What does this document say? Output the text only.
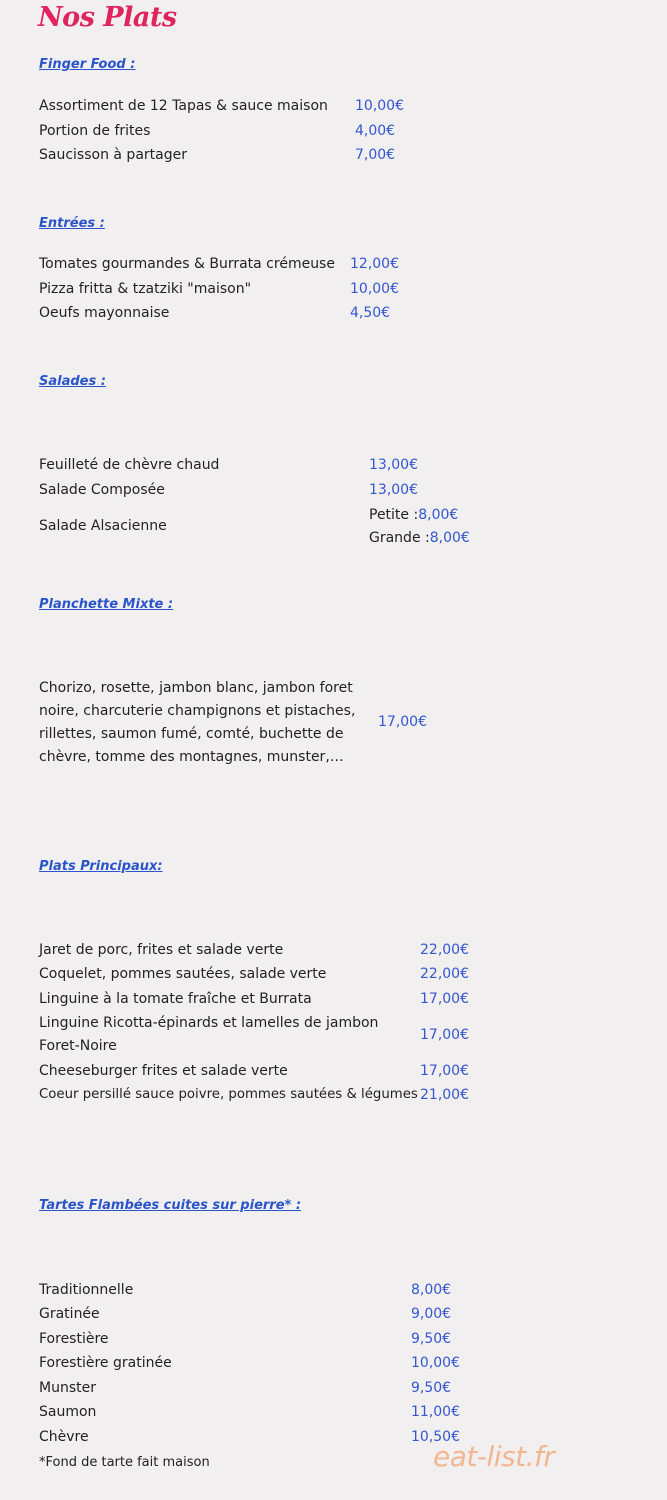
Nos Plats
Finger Food :
Assortiment de 12 Tapas & sauce maison 10,00€
Portion de frites	4,00€
Saucisson à partager	7,00€
Entrées :
Tomates gourmandes & Burrata crémeuse 12,00€
Pizza fritta & tzatziki "maison"	10,00€
Oeufs mayonnaise	4,50€
Salades :
Feuilleté de chèvre chaud	13,00€
Salade Composée	13,00€
Salade Alsacienne
Petite :8,00€
Grande :8,00€
Planchette Mixte :
Chorizo, rosette, jambon blanc, jambon foret noire, charcuterie champignons et pistaches, rillettes, saumon fumé, comté, buchette de chèvre, tomme des montagnes, munster,…
17,00€
Plats Principaux:
Jaret de porc, frites et salade verte	22,00€
Coquelet, pommes sautées, salade verte	22,00€
Linguine à la tomate fraîche et Burrata	17,00€
Linguine Ricotta-épinards et lamelles de jambon Foret-Noire
17,00€
Cheeseburger frites et salade verte	17,00€
Coeur persillé sauce poivre, pommes sautées & légumes 21,00€
Tartes Flambées cuites sur pierre* :
Traditionnelle	8,00€
Gratinée	9,00€
Forestière	9,50€
Forestière gratinée	10,00€
Munster	9,50€
Saumon	11,00€
Chèvre	10,50€
*Fond de tarte fait maison	eat-list.fr
